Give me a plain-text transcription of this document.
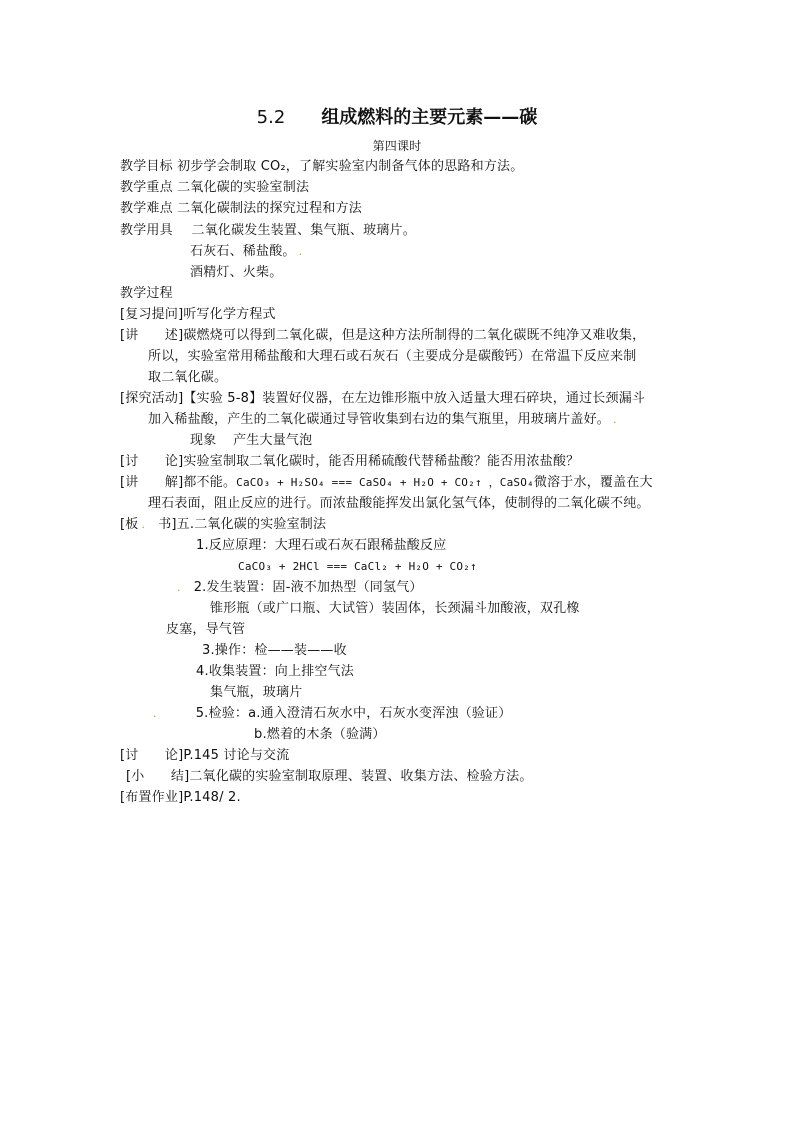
5.2 组成燃料的主要元素——碳
第四课时
教学目标 初步学会制取 CO₂，了解实验室内制备气体的思路和方法。
教学重点 二氧化碳的实验室制法
教学难点 二氧化碳制法的探究过程和方法
教学用具 二氧化碳发生装置、集气瓶、玻璃片。
石灰石、稀盐酸。 .
酒精灯、火柴。
教学过程
[复习提问]听写化学方程式
[讲　　述]碳燃烧可以得到二氧化碳，但是这种方法所制得的二氧化碳既不纯净又难收集，
所以，实验室常用稀盐酸和大理石或石灰石（主要成分是碳酸钙）在常温下反应来制
取二氧化碳。
[探究活动]【实验 5-8】装置好仪器，在左边锥形瓶中放入适量大理石碎块，通过长颈漏斗
加入稀盐酸，产生的二氧化碳通过导管收集到右边的集气瓶里，用玻璃片盖好。 .
现象 产生大量气泡
[讨　　论]实验室制取二氧化碳时，能否用稀硫酸代替稀盐酸？能否用浓盐酸？
[讲　　解]都不能。CaCO₃ + H₂SO₄ === CaSO₄ + H₂O + CO₂↑ ，CaSO₄微溶于水，覆盖在大
理石表面，阻止反应的进行。而浓盐酸能挥发出氯化氢气体，使制得的二氧化碳不纯。
[板 . 书]五.二氧化碳的实验室制法
1.反应原理：大理石或石灰石跟稀盐酸反应
CaCO₃ + 2HCl === CaCl₂ + H₂O + CO₂↑
. 2.发生装置：固-液不加热型（同氢气）
锥形瓶（或广口瓶、大试管）装固体，长颈漏斗加酸液，双孔橡
皮塞，导气管
3.操作：检——装——收
4.收集装置：向上排空气法
集气瓶，玻璃片
.	5.检验：a.通入澄清石灰水中，石灰水变浑浊（验证）
b.燃着的木条（验满）
[讨　　论]P.145 讨论与交流
[小　　结]二氧化碳的实验室制取原理、装置、收集方法、检验方法。
[布置作业]P.148/ 2.
